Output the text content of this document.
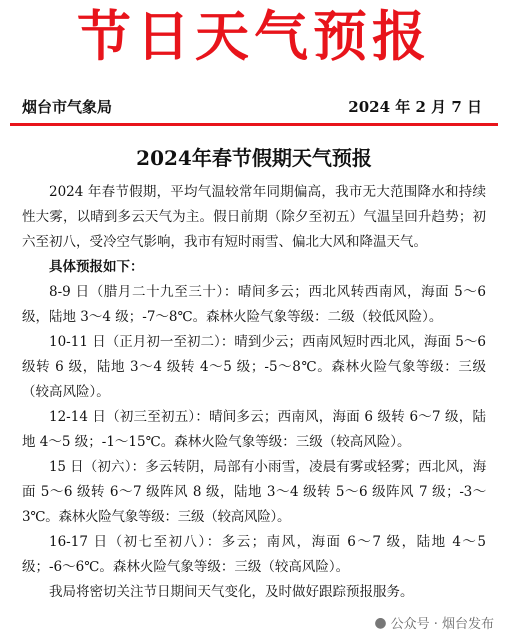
节日天气预报
烟台市气象局	2024 年 2 月 7 日
2024年春节假期天气预报

2024 年春节假期，平均气温较常年同期偏高，我市无大范围降水和持续性大雾，以晴到多云天气为主。假日前期（除夕至初五）气温呈回升趋势；初六至初八，受冷空气影响，我市有短时雨雪、偏北大风和降温天气。

具体预报如下：

8-9 日（腊月二十九至三十）：晴间多云；西北风转西南风，海面 5～6 级，陆地 3～4 级；-7～8℃。森林火险气象等级：二级（较低风险）。

10-11 日（正月初一至初二）：晴到少云；西南风短时西北风，海面 5～6 级转 6 级，陆地 3～4 级转 4～5 级；-5～8℃。森林火险气象等级：三级（较高风险）。

12-14 日（初三至初五）：晴间多云；西南风，海面 6 级转 6～7 级，陆地 4～5 级；-1～15℃。森林火险气象等级：三级（较高风险）。

15 日（初六）：多云转阴，局部有小雨雪，凌晨有雾或轻雾；西北风，海面 5～6 级转 6～7 级阵风 8 级，陆地 3～4 级转 5～6 级阵风 7 级；-3～3℃。森林火险气象等级：三级（较高风险）。

16-17 日（初七至初八）：多云；南风，海面 6～7 级，陆地 4～5 级；-6～6℃。森林火险气象等级：三级（较高风险）。

我局将密切关注节日期间天气变化，及时做好跟踪预报服务。

● 公众号 · 烟台发布
